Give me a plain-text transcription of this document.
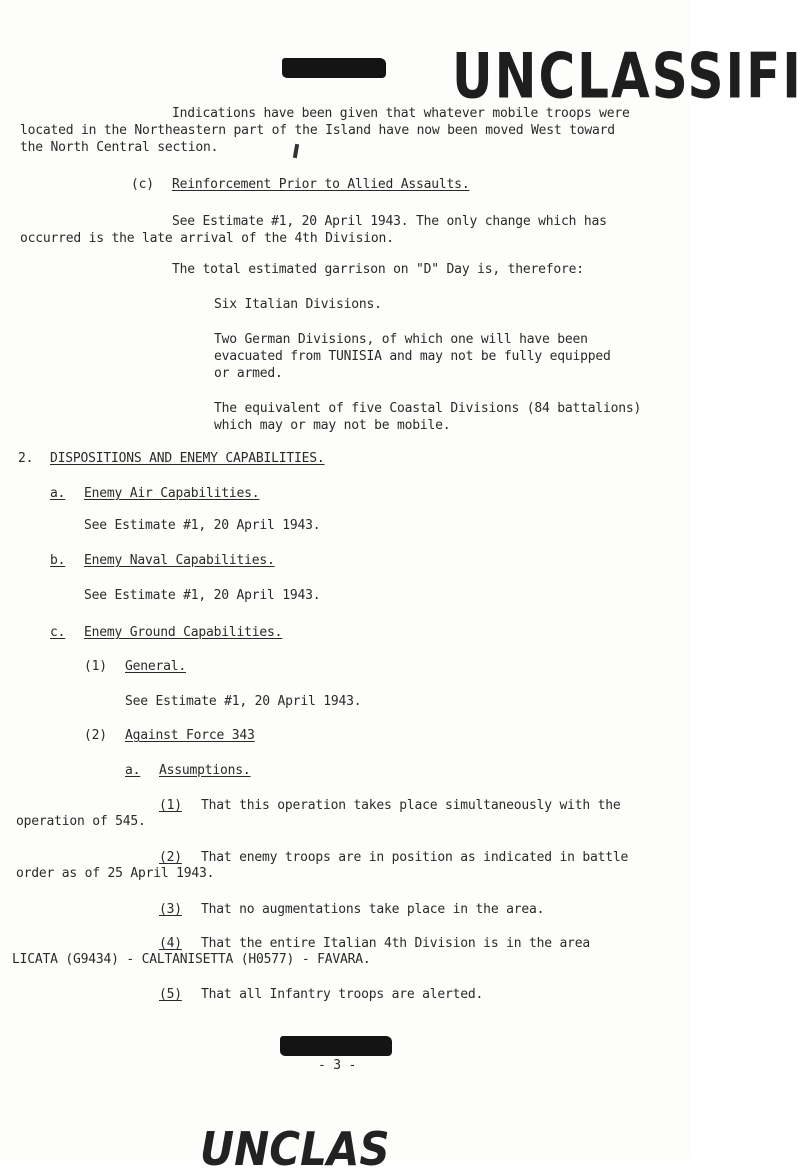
UNCLASSIFI
Indications have been given that whatever mobile troops were
located in the Northeastern part of the Island have now been moved West toward
the North Central section.
(c) Reinforcement Prior to Allied Assaults.
See Estimate #1, 20 April 1943. The only change which has
occurred is the late arrival of the 4th Division.
The total estimated garrison on "D" Day is, therefore:
Six Italian Divisions.
Two German Divisions, of which one will have been
evacuated from TUNISIA and may not be fully equipped
or armed.
The equivalent of five Coastal Divisions (84 battalions)
which may or may not be mobile.
2. DISPOSITIONS AND ENEMY CAPABILITIES.
a. Enemy Air Capabilities.
See Estimate #1, 20 April 1943.
b. Enemy Naval Capabilities.
See Estimate #1, 20 April 1943.
c. Enemy Ground Capabilities.
(1) General.
See Estimate #1, 20 April 1943.
(2) Against Force 343
a. Assumptions.
(1) That this operation takes place simultaneously with the
operation of 545.
(2) That enemy troops are in position as indicated in battle
order as of 25 April 1943.
(3) That no augmentations take place in the area.
(4) That the entire Italian 4th Division is in the area
LICATA (G9434) - CALTANISETTA (H0577) - FAVARA.
(5) That all Infantry troops are alerted.
- 3 -
UNCLAS
